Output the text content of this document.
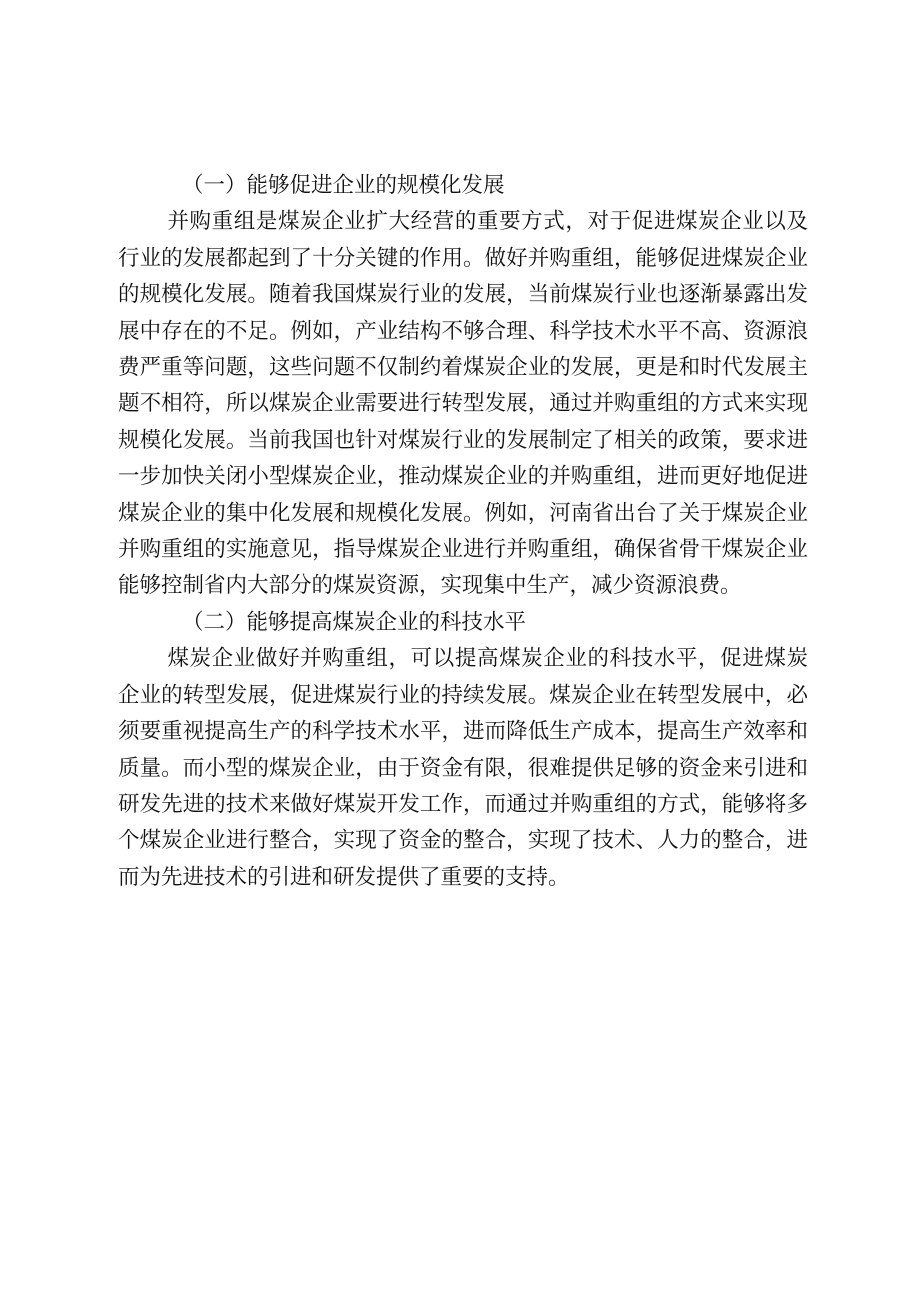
（一）能够促进企业的规模化发展

并购重组是煤炭企业扩大经营的重要方式，对于促进煤炭企业以及行业的发展都起到了十分关键的作用。做好并购重组，能够促进煤炭企业的规模化发展。随着我国煤炭行业的发展，当前煤炭行业也逐渐暴露出发展中存在的不足。例如，产业结构不够合理、科学技术水平不高、资源浪费严重等问题，这些问题不仅制约着煤炭企业的发展，更是和时代发展主题不相符，所以煤炭企业需要进行转型发展，通过并购重组的方式来实现规模化发展。当前我国也针对煤炭行业的发展制定了相关的政策，要求进一步加快关闭小型煤炭企业，推动煤炭企业的并购重组，进而更好地促进煤炭企业的集中化发展和规模化发展。例如，河南省出台了关于煤炭企业并购重组的实施意见，指导煤炭企业进行并购重组，确保省骨干煤炭企业能够控制省内大部分的煤炭资源，实现集中生产，减少资源浪费。

（二）能够提高煤炭企业的科技水平

煤炭企业做好并购重组，可以提高煤炭企业的科技水平，促进煤炭企业的转型发展，促进煤炭行业的持续发展。煤炭企业在转型发展中，必须要重视提高生产的科学技术水平，进而降低生产成本，提高生产效率和质量。而小型的煤炭企业，由于资金有限，很难提供足够的资金来引进和研发先进的技术来做好煤炭开发工作，而通过并购重组的方式，能够将多个煤炭企业进行整合，实现了资金的整合，实现了技术、人力的整合，进而为先进技术的引进和研发提供了重要的支持。
